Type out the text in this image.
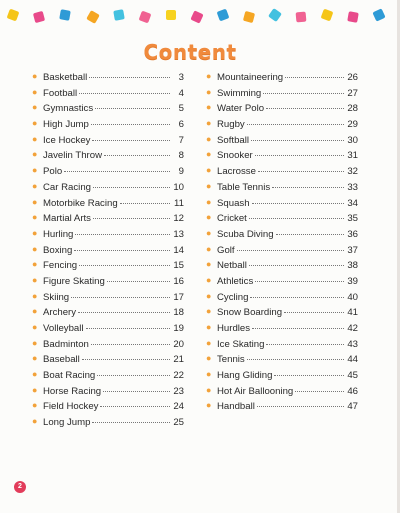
Content
● Basketball	3
● Football	4
● Gymnastics	5
● High Jump	6
● Ice Hockey	7
● Javelin Throw	8
● Polo	9
● Car Racing	10
● Motorbike Racing	11
● Martial Arts	12
● Hurling	13
● Boxing	14
● Fencing	15
● Figure Skating	16
● Skiing	17
● Archery	18
● Volleyball	19
● Badminton	20
● Baseball	21
● Boat Racing	22
● Horse Racing	23
● Field Hockey	24
● Long Jump	25
● Mountaineering	26
● Swimming	27
● Water Polo	28
● Rugby	29
● Softball	30
● Snooker	31
● Lacrosse	32
● Table Tennis	33
● Squash	34
● Cricket	35
● Scuba Diving	36
● Golf	37
● Netball	38
● Athletics	39
● Cycling	40
● Snow Boarding	41
● Hurdles	42
● Ice Skating	43
● Tennis	44
● Hang Gliding	45
● Hot Air Ballooning	46
● Handball	47
2
